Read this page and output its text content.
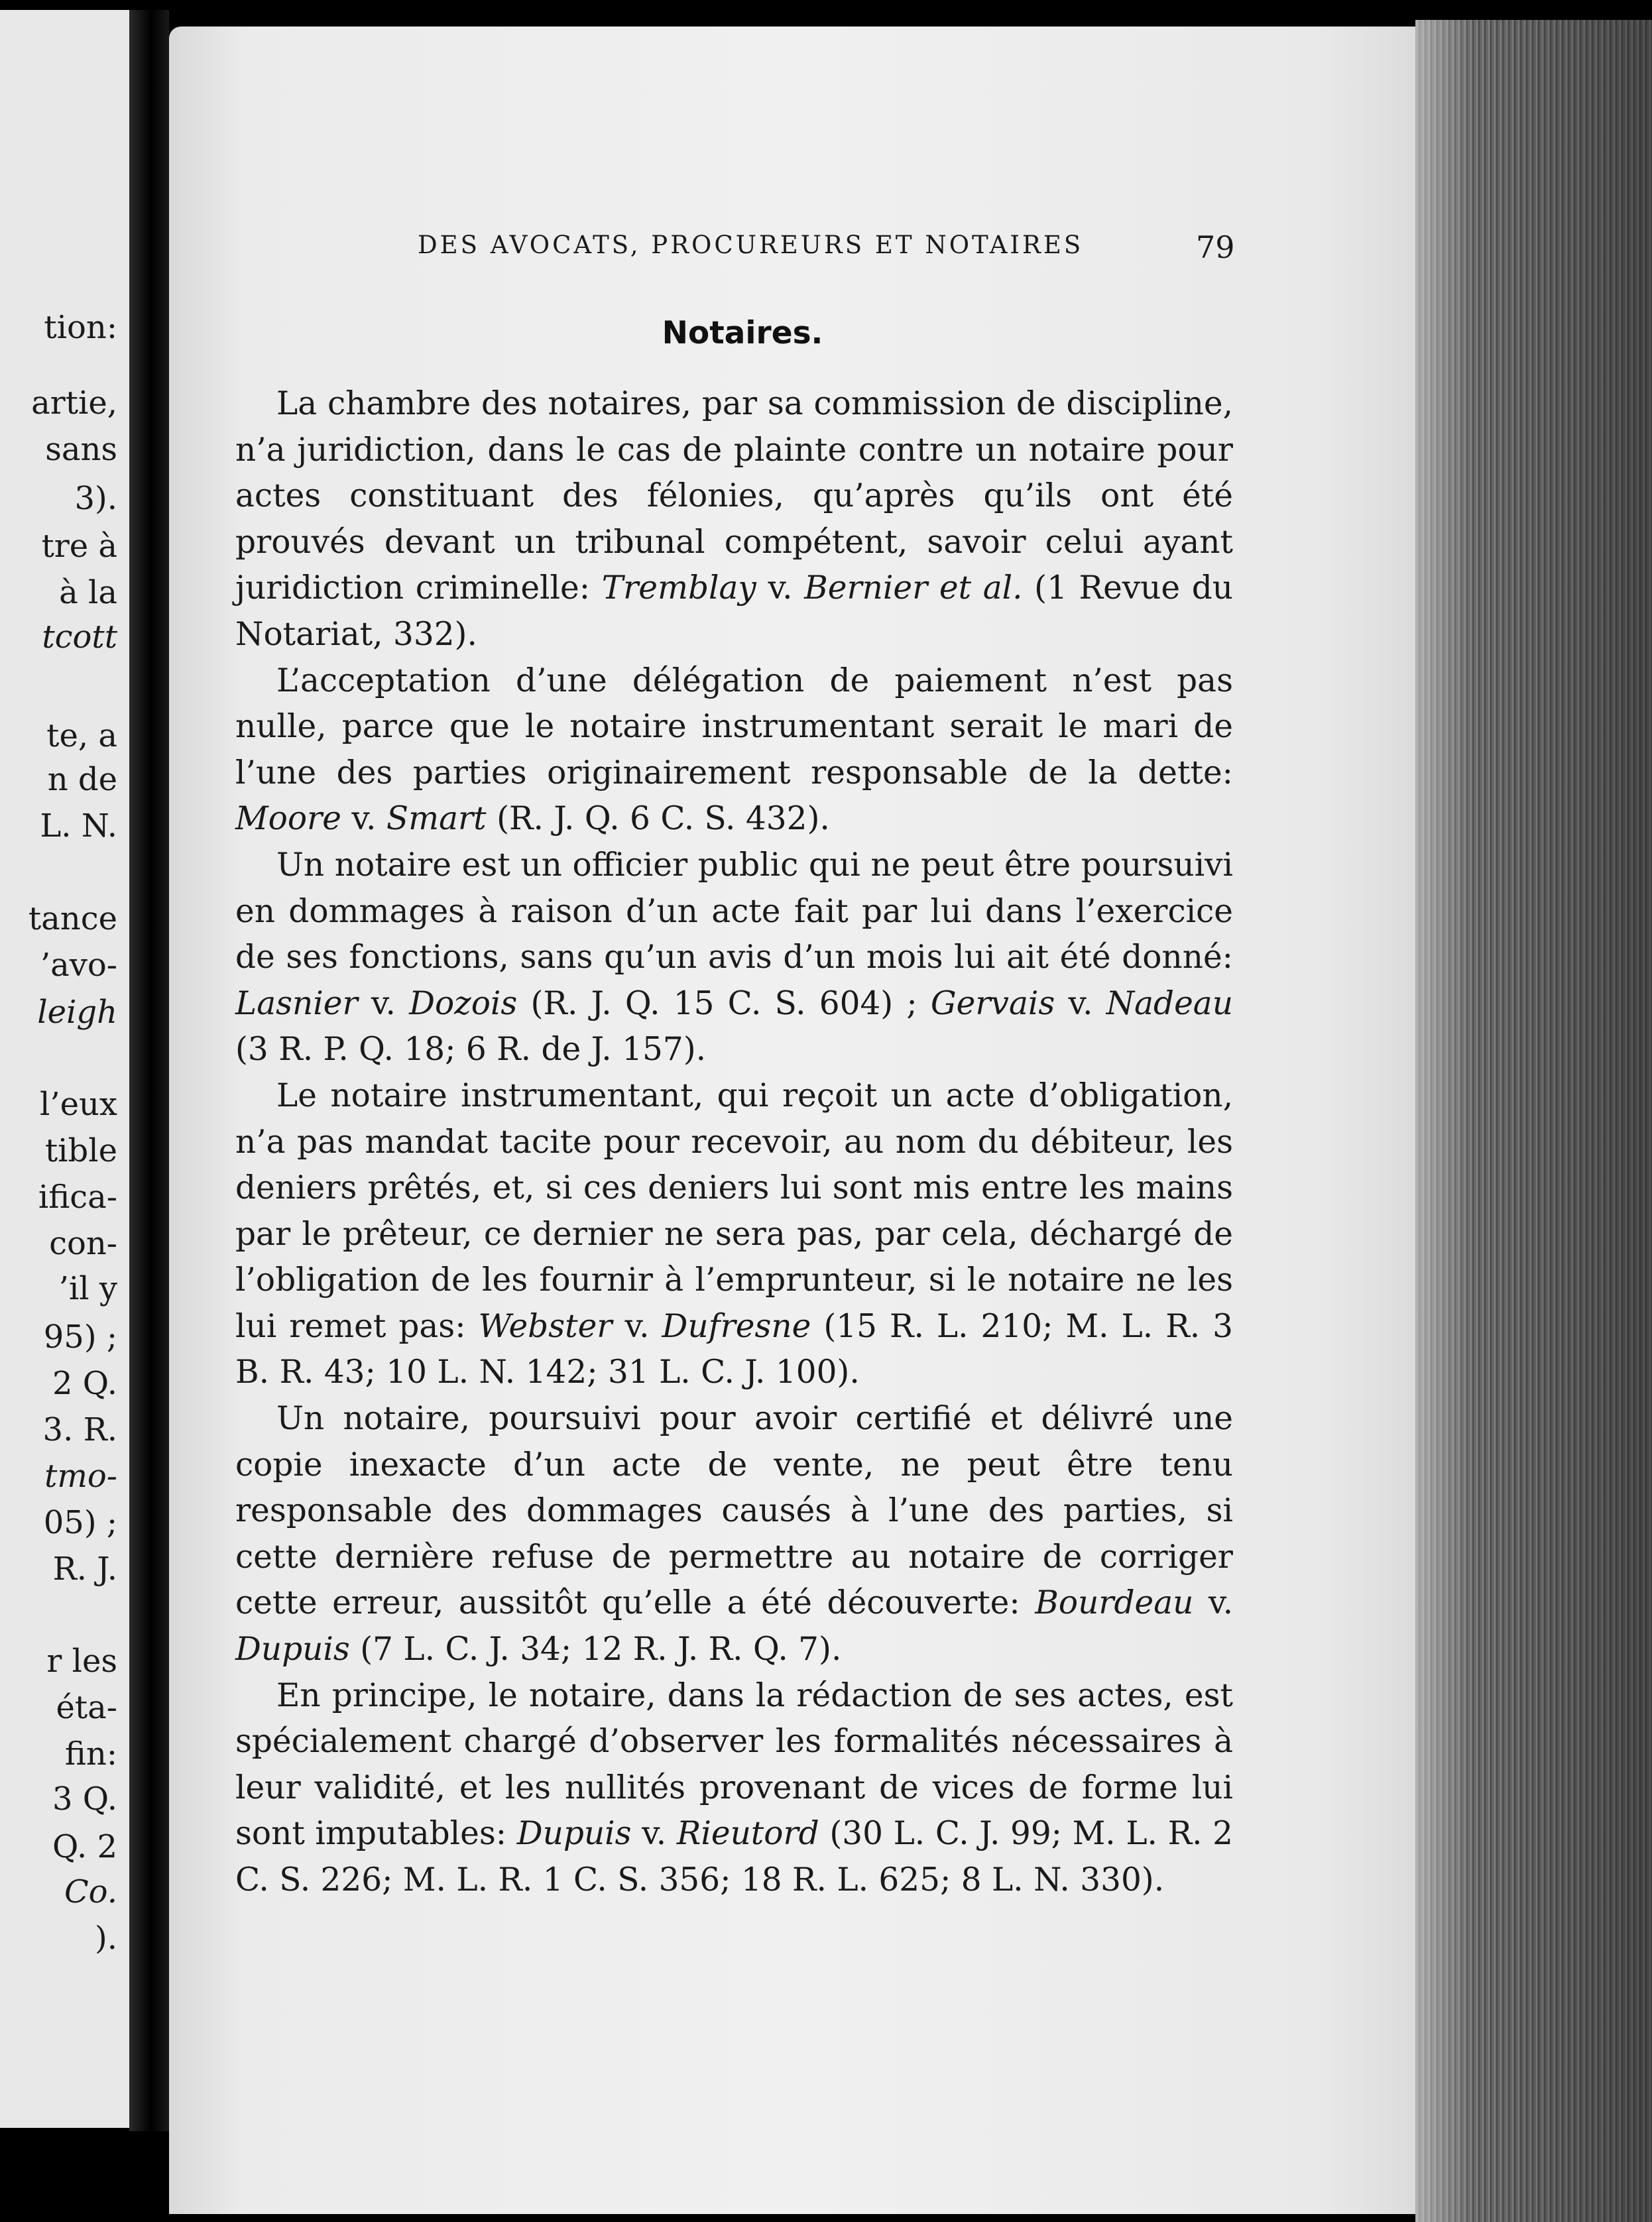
tion:
artie,
sans
3).
tre à
à la
tcott
te, a
n de
L. N.
tance
’avo-
leigh
l’eux
tible
ifica-
con-
’il y
95) ;
2 Q.
3. R.
tmo-
05) ;
R. J.
r les
éta-
fin:
3 Q.
Q. 2
Co.
).
DES AVOCATS, PROCUREURS ET NOTAIRES	79
Notaires.

La chambre des notaires, par sa commission de discipline, n’a juridiction, dans le cas de plainte contre un notaire pour actes constituant des félonies, qu’après qu’ils ont été prouvés devant un tribunal compétent, savoir celui ayant juridiction criminelle: Tremblay v. Bernier et al. (1 Revue du Notariat, 332).

L’acceptation d’une délégation de paiement n’est pas nulle, parce que le notaire instrumentant serait le mari de l’une des parties originairement responsable de la dette: Moore v. Smart (R. J. Q. 6 C. S. 432).

Un notaire est un officier public qui ne peut être poursuivi en dommages à raison d’un acte fait par lui dans l’exercice de ses fonctions, sans qu’un avis d’un mois lui ait été donné: Lasnier v. Dozois (R. J. Q. 15 C. S. 604) ; Gervais v. Nadeau (3 R. P. Q. 18; 6 R. de J. 157).

Le notaire instrumentant, qui reçoit un acte d’obligation, n’a pas mandat tacite pour recevoir, au nom du débiteur, les deniers prêtés, et, si ces deniers lui sont mis entre les mains par le prêteur, ce dernier ne sera pas, par cela, déchargé de l’obligation de les fournir à l’emprunteur, si le notaire ne les lui remet pas: Webster v. Dufresne (15 R. L. 210; M. L. R. 3 B. R. 43; 10 L. N. 142; 31 L. C. J. 100).

Un notaire, poursuivi pour avoir certifié et délivré une copie inexacte d’un acte de vente, ne peut être tenu responsable des dommages causés à l’une des parties, si cette dernière refuse de permettre au notaire de corriger cette erreur, aussitôt qu’elle a été découverte: Bourdeau v. Dupuis (7 L. C. J. 34; 12 R. J. R. Q. 7).

En principe, le notaire, dans la rédaction de ses actes, est spécialement chargé d’observer les formalités nécessaires à leur validité, et les nullités provenant de vices de forme lui sont imputables: Dupuis v. Rieutord (30 L. C. J. 99; M. L. R. 2 C. S. 226; M. L. R. 1 C. S. 356; 18 R. L. 625; 8 L. N. 330).
